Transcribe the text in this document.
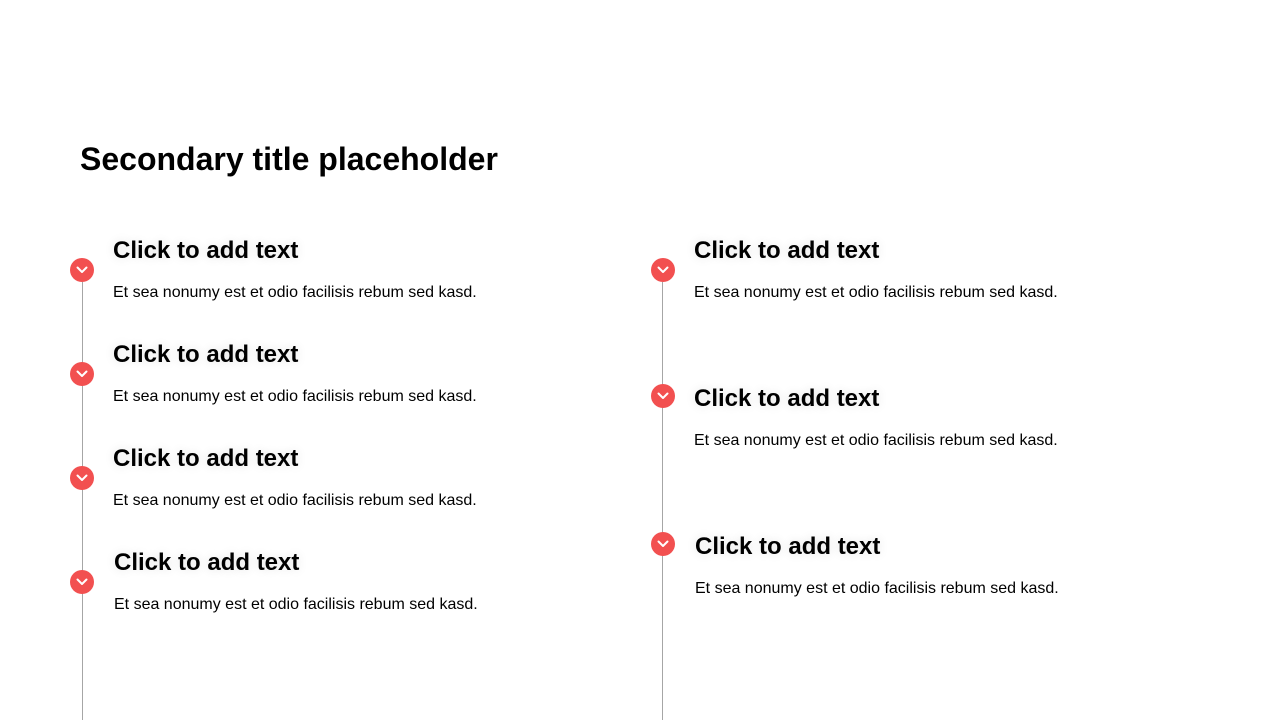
Secondary title placeholder
Click to add text
Et sea nonumy est et odio facilisis rebum sed kasd.
Click to add text
Et sea nonumy est et odio facilisis rebum sed kasd.
Click to add text
Et sea nonumy est et odio facilisis rebum sed kasd.
Click to add text
Et sea nonumy est et odio facilisis rebum sed kasd.
Click to add text
Et sea nonumy est et odio facilisis rebum sed kasd.
Click to add text
Et sea nonumy est et odio facilisis rebum sed kasd.
Click to add text
Et sea nonumy est et odio facilisis rebum sed kasd.
